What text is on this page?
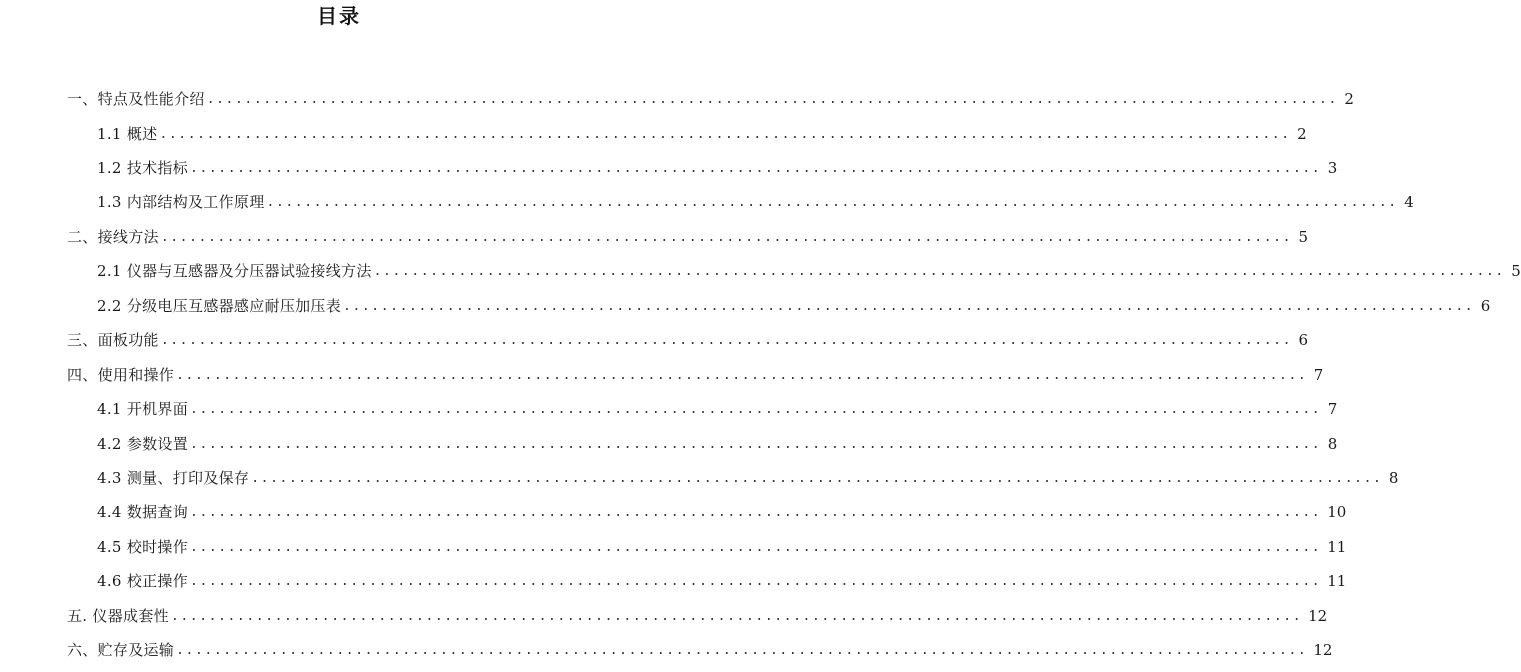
目录
一、特点及性能介绍 ........................................................................................................................ 2
1.1 概述 ........................................................................................................................ 2
1.2 技术指标 ........................................................................................................................ 3
1.3 内部结构及工作原理 ........................................................................................................................ 4
二、接线方法 ........................................................................................................................ 5
2.1 仪器与互感器及分压器试验接线方法 ........................................................................................................................ 5
2.2 分级电压互感器感应耐压加压表 ........................................................................................................................ 6
三、面板功能 ........................................................................................................................ 6
四、使用和操作 ........................................................................................................................ 7
4.1 开机界面 ........................................................................................................................ 7
4.2 参数设置 ........................................................................................................................ 8
4.3 测量、打印及保存 ........................................................................................................................ 8
4.4 数据查询 ........................................................................................................................ 10
4.5 校时操作 ........................................................................................................................ 11
4.6 校正操作 ........................................................................................................................ 11
五. 仪器成套性 ........................................................................................................................ 12
六、贮存及运输 ........................................................................................................................ 12
